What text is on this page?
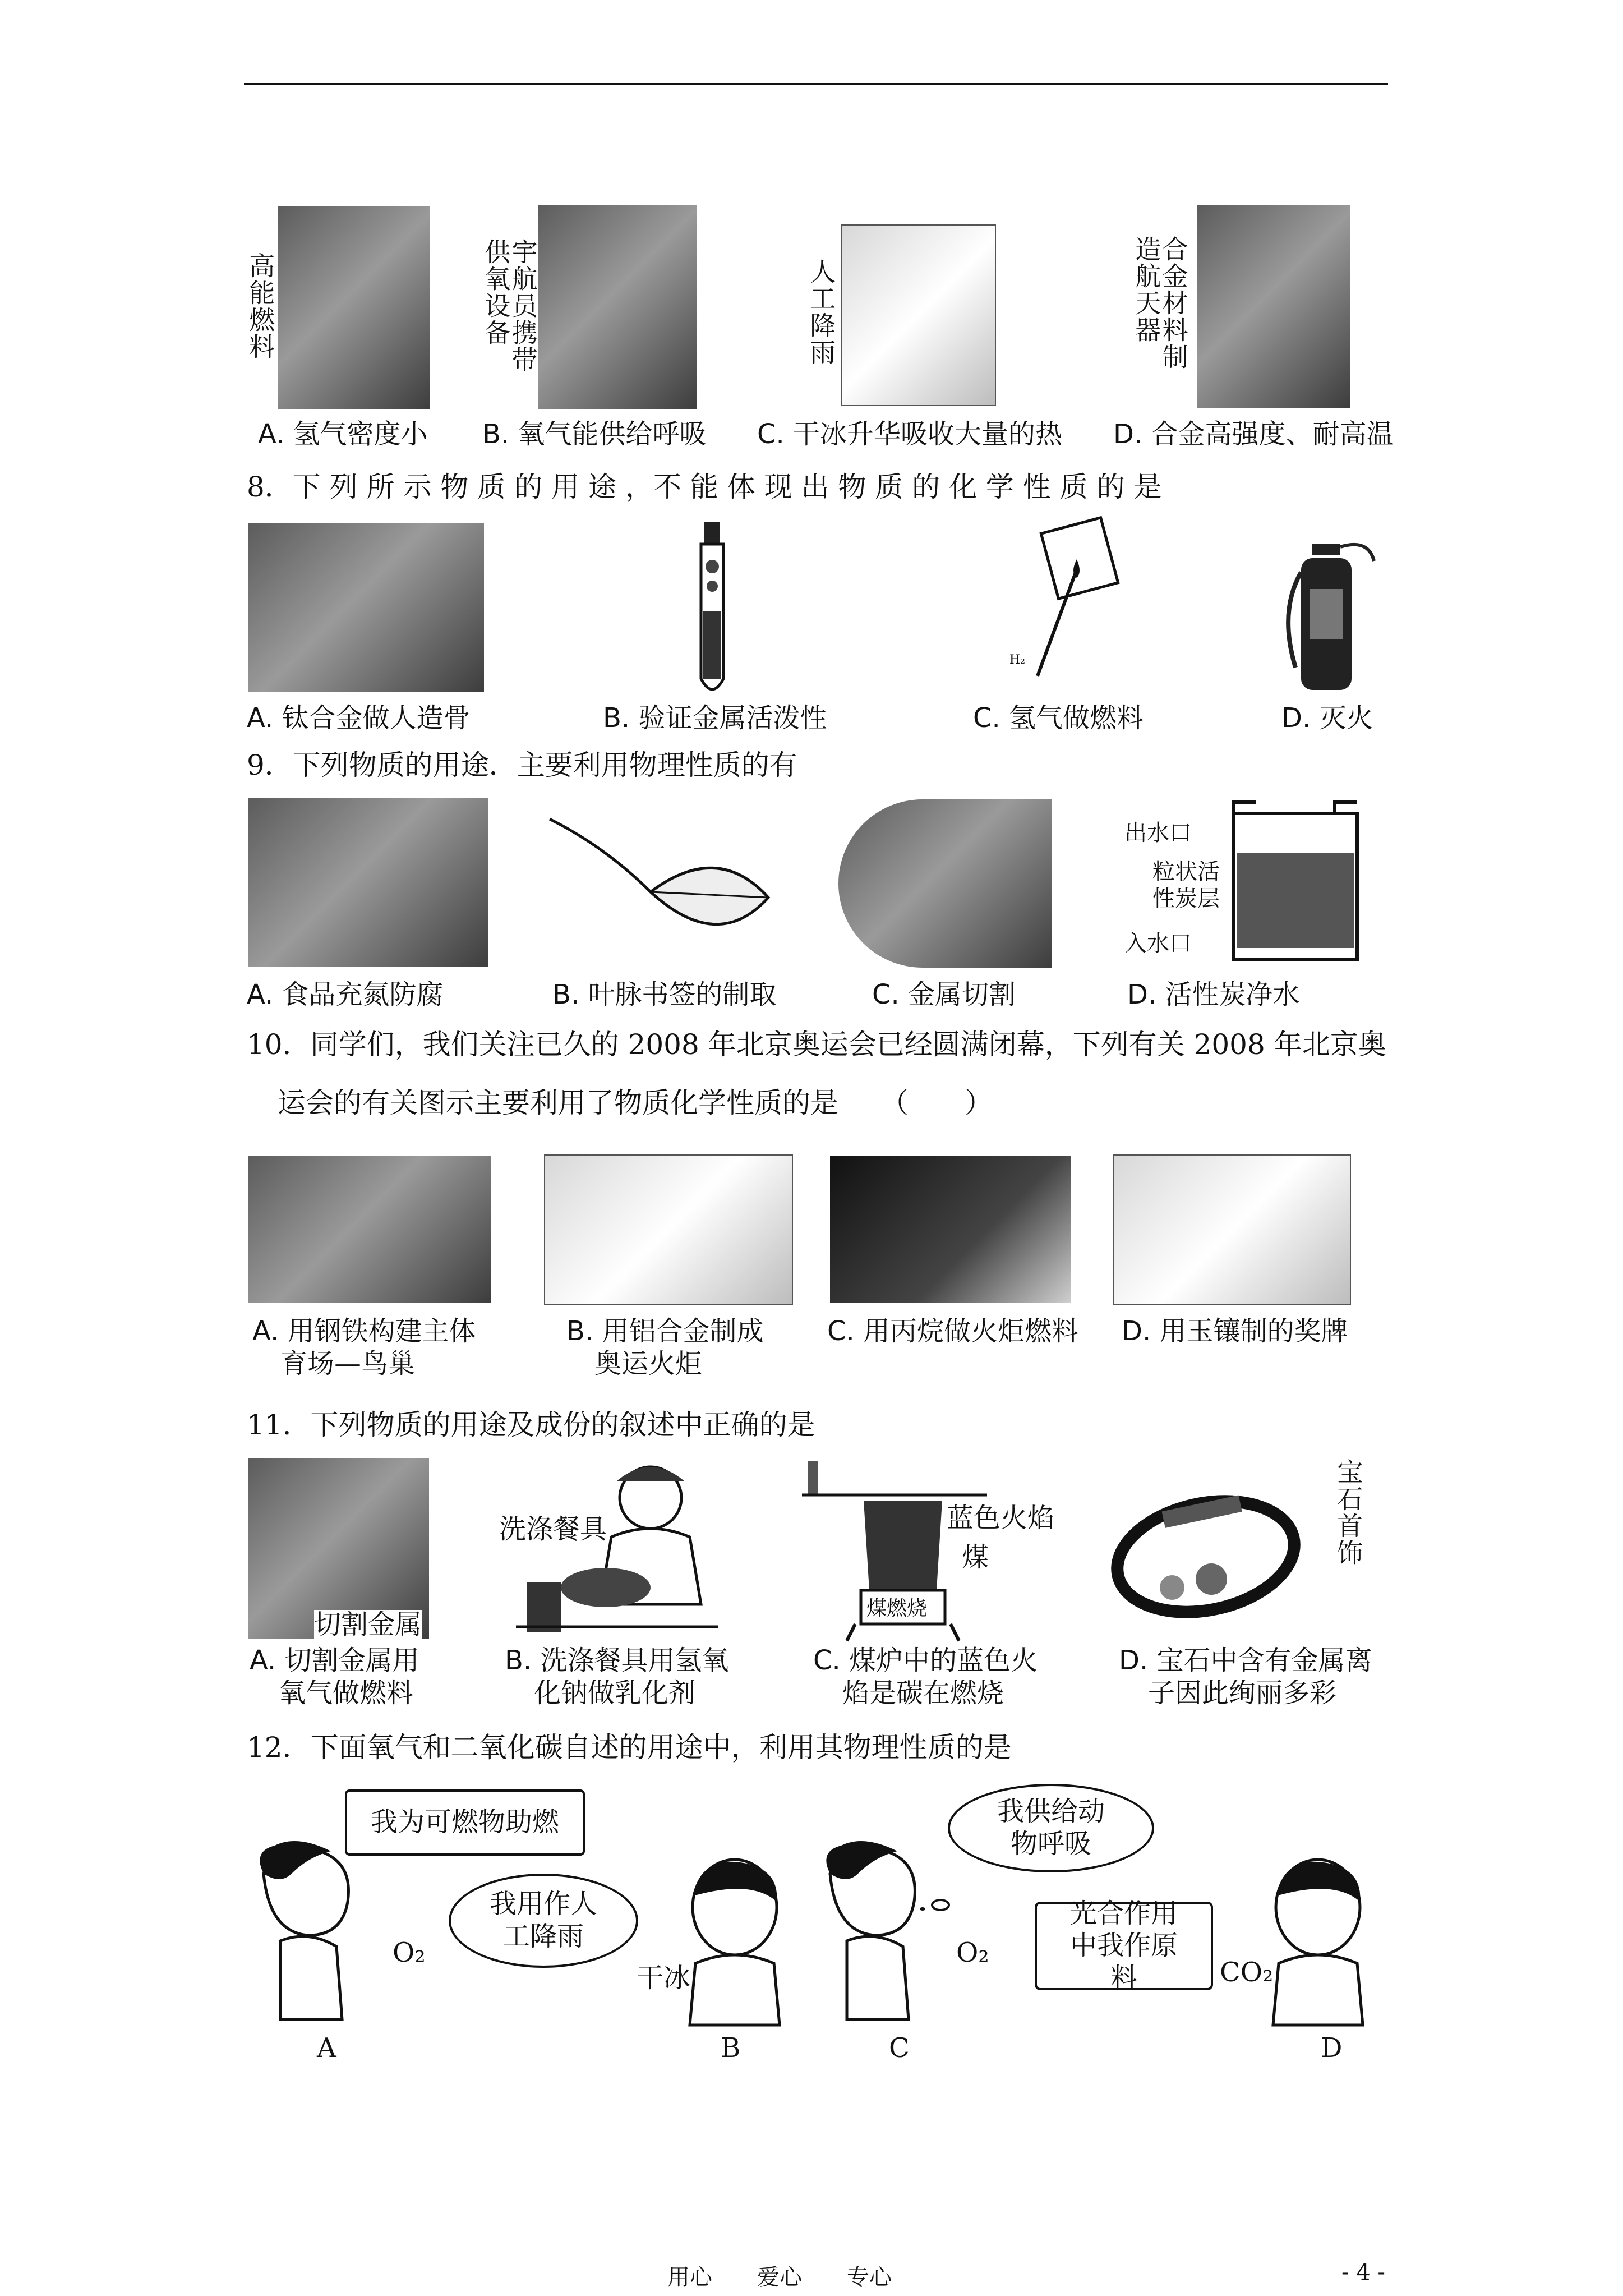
高能燃料	宇航员携带供氧设备	人工降雨	合金材料制造航天器
A. 氢气密度小 B. 氧气能供给呼吸 C. 干冰升华吸收大量的热 D. 合金高强度、耐高温
8．下 列 所 示 物 质 的 用 途 ，不 能 体 现 出 物 质 的 化 学 性 质 的 是
H₂
A. 钛合金做人造骨	B. 验证金属活泼性	C. 氢气做燃料	D. 灭火
9．下列物质的用途．主要利用物理性质的有
出水口
粒状活性炭层
入水口
A. 食品充氮防腐	B. 叶脉书签的制取	C. 金属切割	D. 活性炭净水
10．同学们，我们关注已久的 2008 年北京奥运会已经圆满闭幕，下列有关 2008 年北京奥
运会的有关图示主要利用了物质化学性质的是　　（　　）
A. 用钢铁构建主体
育场—鸟巢
B. 用铝合金制成
奥运火炬
C. 用丙烷做火炬燃料 D. 用玉镶制的奖牌
11．下列物质的用途及成份的叙述中正确的是
切割金属
洗涤餐具	蓝色火焰
煤
煤燃烧
宝石首饰
A. 切割金属用
氧气做燃料
B. 洗涤餐具用氢氧
化钠做乳化剂
C. 煤炉中的蓝色火
焰是碳在燃烧
D. 宝石中含有金属离
子因此绚丽多彩
12．下面氧气和二氧化碳自述的用途中，利用其物理性质的是
我为可燃物助燃
O₂
我用作人工降雨
干冰
A	B
我供给动物呼吸
O₂
光合作用中我作原料	CO₂
C	D
用心　　爱心　　专心	- 4 -
